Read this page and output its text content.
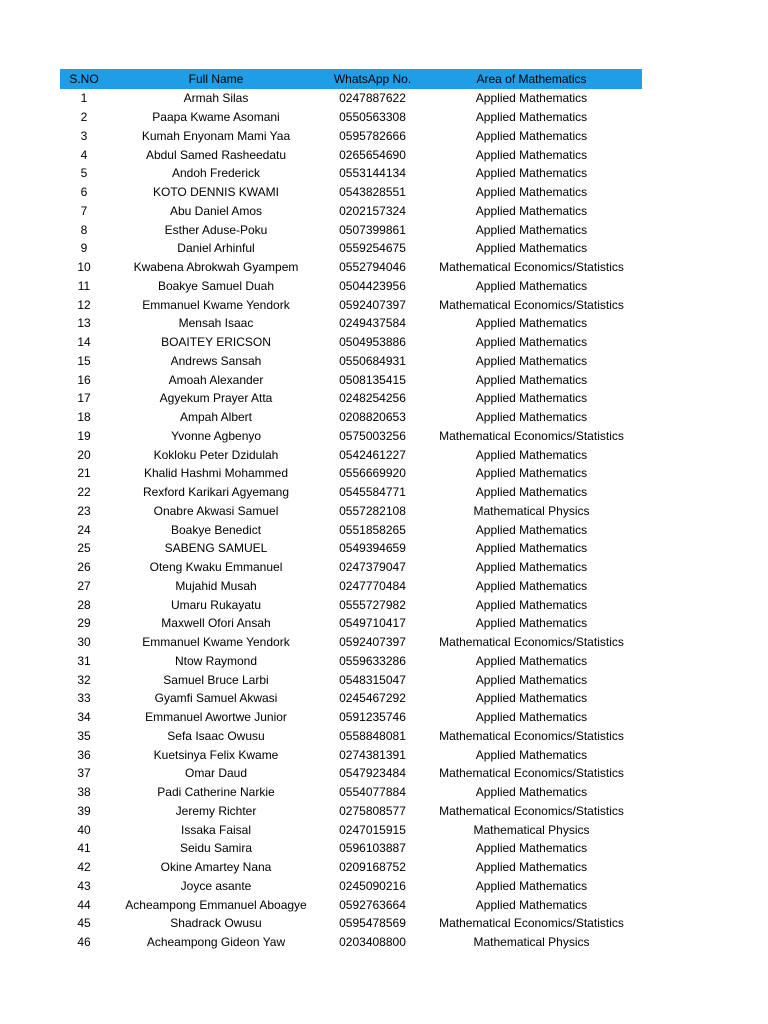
S.NO	Full Name	WhatsApp No.	Area of Mathematics
1	Armah Silas	0247887622	Applied Mathematics
2	Paapa Kwame Asomani	0550563308	Applied Mathematics
3	Kumah Enyonam Mami Yaa	0595782666	Applied Mathematics
4	Abdul Samed Rasheedatu	0265654690	Applied Mathematics
5	Andoh Frederick	0553144134	Applied Mathematics
6	KOTO DENNIS KWAMI	0543828551	Applied Mathematics
7	Abu Daniel Amos	0202157324	Applied Mathematics
8	Esther Aduse-Poku	0507399861	Applied Mathematics
9	Daniel Arhinful	0559254675	Applied Mathematics
10	Kwabena Abrokwah Gyampem	0552794046	Mathematical Economics/Statistics
11	Boakye Samuel Duah	0504423956	Applied Mathematics
12	Emmanuel Kwame Yendork	0592407397	Mathematical Economics/Statistics
13	Mensah Isaac	0249437584	Applied Mathematics
14	BOAITEY ERICSON	0504953886	Applied Mathematics
15	Andrews Sansah	0550684931	Applied Mathematics
16	Amoah Alexander	0508135415	Applied Mathematics
17	Agyekum Prayer Atta	0248254256	Applied Mathematics
18	Ampah Albert	0208820653	Applied Mathematics
19	Yvonne Agbenyo	0575003256	Mathematical Economics/Statistics
20	Kokloku Peter Dzidulah	0542461227	Applied Mathematics
21	Khalid Hashmi Mohammed	0556669920	Applied Mathematics
22	Rexford Karikari Agyemang	0545584771	Applied Mathematics
23	Onabre Akwasi Samuel	0557282108	Mathematical Physics
24	Boakye Benedict	0551858265	Applied Mathematics
25	SABENG SAMUEL	0549394659	Applied Mathematics
26	Oteng Kwaku Emmanuel	0247379047	Applied Mathematics
27	Mujahid Musah	0247770484	Applied Mathematics
28	Umaru Rukayatu	0555727982	Applied Mathematics
29	Maxwell Ofori Ansah	0549710417	Applied Mathematics
30	Emmanuel Kwame Yendork	0592407397	Mathematical Economics/Statistics
31	Ntow Raymond	0559633286	Applied Mathematics
32	Samuel Bruce Larbi	0548315047	Applied Mathematics
33	Gyamfi Samuel Akwasi	0245467292	Applied Mathematics
34	Emmanuel Awortwe Junior	0591235746	Applied Mathematics
35	Sefa Isaac Owusu	0558848081	Mathematical Economics/Statistics
36	Kuetsinya Felix Kwame	0274381391	Applied Mathematics
37	Omar Daud	0547923484	Mathematical Economics/Statistics
38	Padi Catherine Narkie	0554077884	Applied Mathematics
39	Jeremy Richter	0275808577	Mathematical Economics/Statistics
40	Issaka Faisal	0247015915	Mathematical Physics
41	Seidu Samira	0596103887	Applied Mathematics
42	Okine Amartey Nana	0209168752	Applied Mathematics
43	Joyce asante	0245090216	Applied Mathematics
44	Acheampong Emmanuel Aboagye	0592763664	Applied Mathematics
45	Shadrack Owusu	0595478569	Mathematical Economics/Statistics
46	Acheampong Gideon Yaw	0203408800	Mathematical Physics
